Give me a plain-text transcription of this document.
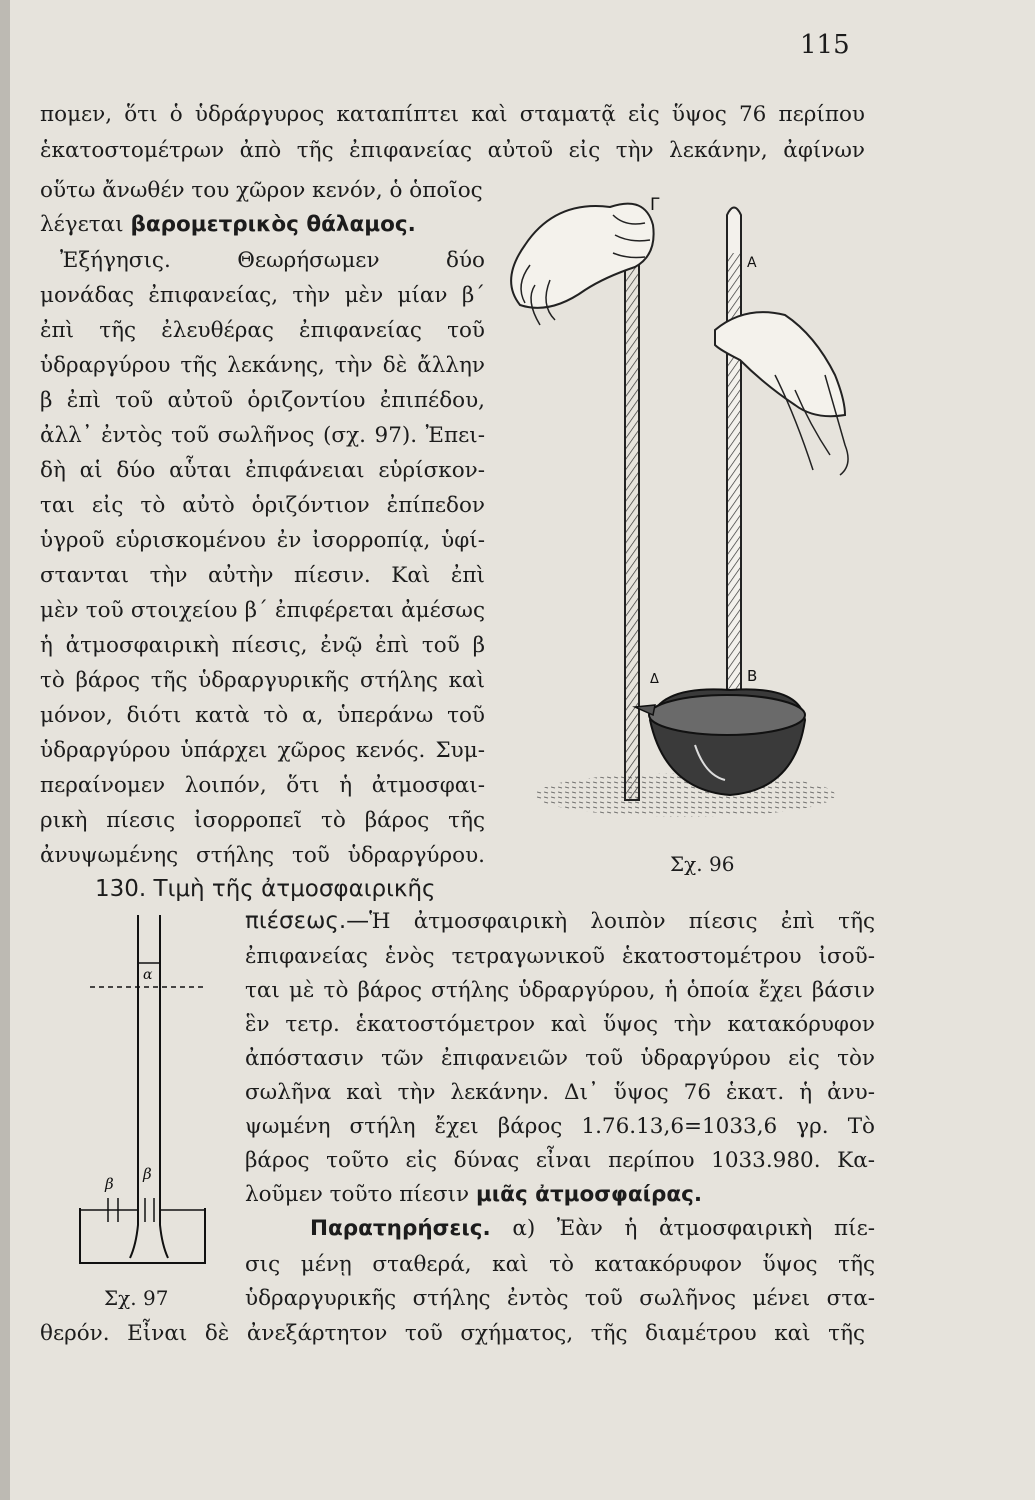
115
πομεν, ὅτι ὁ ὑδράργυρος καταπίπτει καὶ σταματᾷ εἰς ὕψος 76 περίπου
ἑκατοστομέτρων ἀπὸ τῆς ἐπιφανείας αὐτοῦ εἰς τὴν λεκάνην, ἀφίνων
οὕτω ἄνωθέν του χῶρον κενόν, ὁ ὁποῖος
λέγεται βαρομετρικὸς θάλαμος.
Ἐξήγησις. Θεωρήσωμεν δύο
μονάδας ἐπιφανείας, τὴν μὲν μίαν β΄
ἐπὶ τῆς ἐλευθέρας ἐπιφανείας τοῦ
ὑδραργύρου τῆς λεκάνης, τὴν δὲ ἄλλην
β ἐπὶ τοῦ αὐτοῦ ὁριζοντίου ἐπιπέδου,
ἀλλ᾽ ἐντὸς τοῦ σωλῆνος (σχ. 97). Ἐπει-
δὴ αἱ δύο αὗται ἐπιφάνειαι εὑρίσκον-
ται εἰς τὸ αὐτὸ ὁριζόντιον ἐπίπεδον
ὑγροῦ εὑρισκομένου ἐν ἰσορροπίᾳ, ὑφί-
στανται τὴν αὐτὴν πίεσιν. Καὶ ἐπὶ
μὲν τοῦ στοιχείου β΄ ἐπιφέρεται ἀμέσως
ἡ ἀτμοσφαιρικὴ πίεσις, ἐνῷ ἐπὶ τοῦ β
τὸ βάρος τῆς ὑδραργυρικῆς στήλης καὶ
μόνον, διότι κατὰ τὸ α, ὑπεράνω τοῦ
ὑδραργύρου ὑπάρχει χῶρος κενός. Συμ-
περαίνομεν λοιπόν, ὅτι ἡ ἀτμοσφαι-
ρικὴ πίεσις ἰσορροπεῖ τὸ βάρος τῆς
ἀνυψωμένης στήλης τοῦ ὑδραργύρου.
130. Τιμὴ τῆς ἀτμοσφαιρικῆς
πιέσεως.—Ἡ ἀτμοσφαιρικὴ λοιπὸν πίεσις ἐπὶ τῆς
ἐπιφανείας ἑνὸς τετραγωνικοῦ ἑκατοστομέτρου ἰσοῦ-
ται μὲ τὸ βάρος στήλης ὑδραργύρου, ἡ ὁποία ἔχει βάσιν
ἓν τετρ. ἑκατοστόμετρον καὶ ὕψος τὴν κατακόρυφον
ἀπόστασιν τῶν ἐπιφανειῶν τοῦ ὑδραργύρου εἰς τὸν
σωλῆνα καὶ τὴν λεκάνην. Δι᾽ ὕψος 76 ἑκατ. ἡ ἀνυ-
ψωμένη στήλη ἔχει βάρος 1.76.13,6=1033,6 γρ. Τὸ
βάρος τοῦτο εἰς δύνας εἶναι περίπου 1033.980. Κα-
λοῦμεν τοῦτο πίεσιν μιᾶς ἀτμοσφαίρας.
Παρατηρήσεις. α) Ἐὰν ἡ ἀτμοσφαιρικὴ πίε-
σις μένῃ σταθερά, καὶ τὸ κατακόρυφον ὕψος τῆς
ὑδραργυρικῆς στήλης ἐντὸς τοῦ σωλῆνος μένει στα-
θερόν. Εἶναι δὲ ἀνεξάρτητον τοῦ σχήματος, τῆς διαμέτρου καὶ τῆς
Γ
Α
Δ	Β
Σχ. 96
α
β
β
Σχ. 97
